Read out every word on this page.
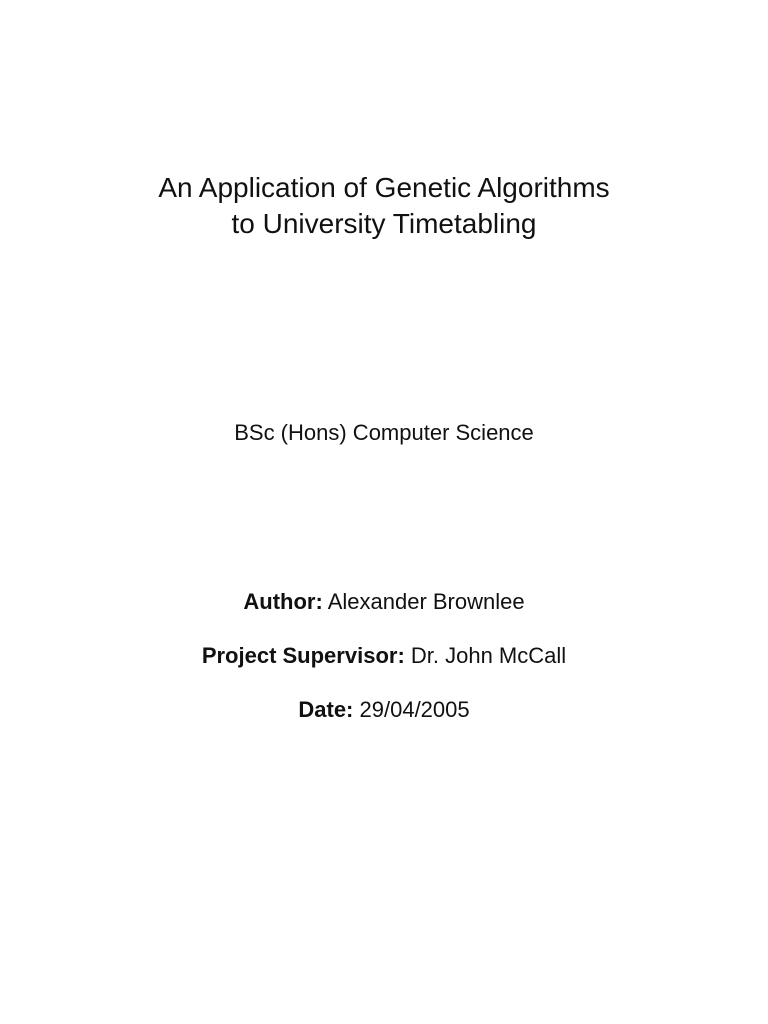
An Application of Genetic Algorithms
to University Timetabling
BSc (Hons) Computer Science
Author: Alexander Brownlee
Project Supervisor: Dr. John McCall
Date: 29/04/2005
